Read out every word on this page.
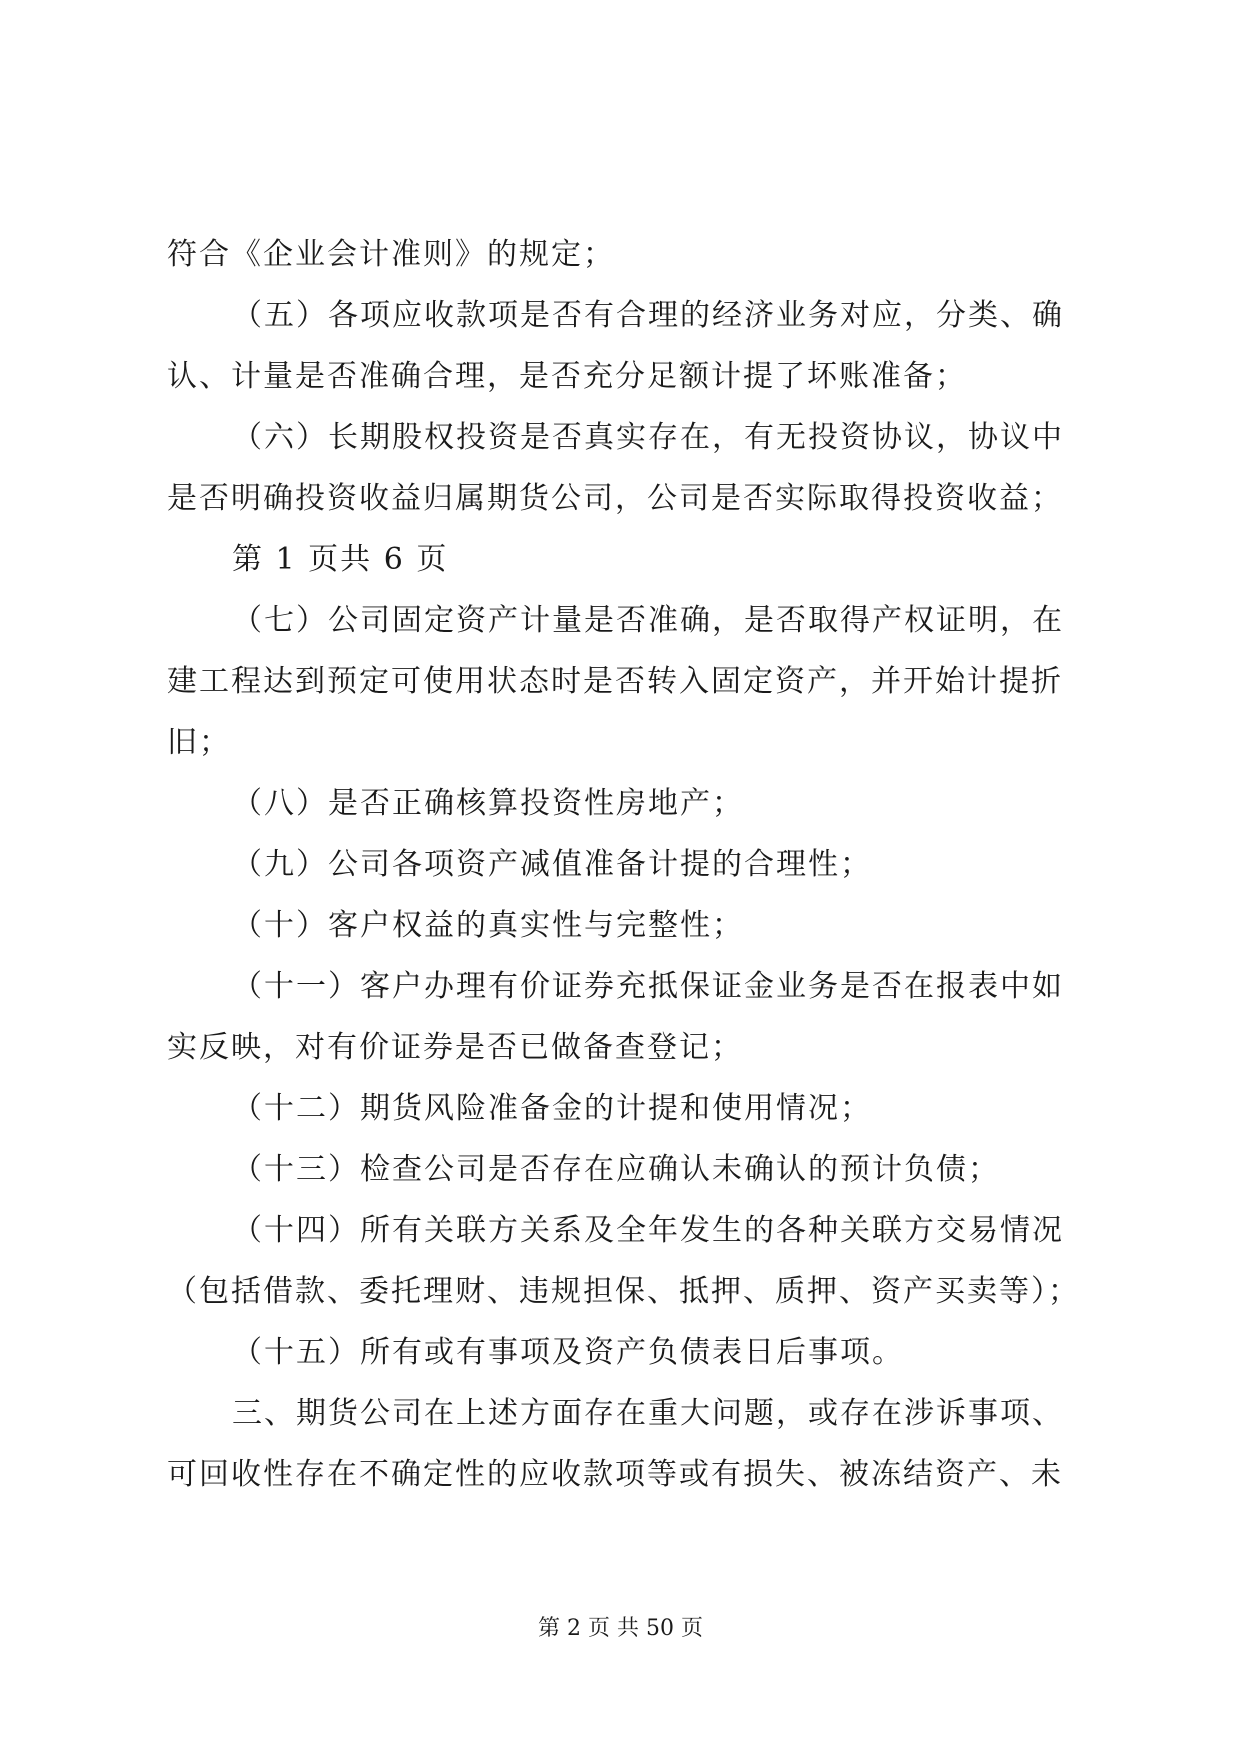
符合《企业会计准则》的规定；
（五）各项应收款项是否有合理的经济业务对应，分类、确
认、计量是否准确合理，是否充分足额计提了坏账准备；
（六）长期股权投资是否真实存在，有无投资协议，协议中
是否明确投资收益归属期货公司，公司是否实际取得投资收益；
第 1 页共 6 页
（七）公司固定资产计量是否准确，是否取得产权证明，在
建工程达到预定可使用状态时是否转入固定资产，并开始计提折
旧；
（八）是否正确核算投资性房地产；
（九）公司各项资产减值准备计提的合理性；
（十）客户权益的真实性与完整性；
（十一）客户办理有价证券充抵保证金业务是否在报表中如
实反映，对有价证券是否已做备查登记；
（十二）期货风险准备金的计提和使用情况；
（十三）检查公司是否存在应确认未确认的预计负债；
（十四）所有关联方关系及全年发生的各种关联方交易情况
（包括借款、委托理财、违规担保、抵押、质押、资产买卖等）；
（十五）所有或有事项及资产负债表日后事项。
三、期货公司在上述方面存在重大问题，或存在涉诉事项、
可回收性存在不确定性的应收款项等或有损失、被冻结资产、未
第 2 页 共 50 页
